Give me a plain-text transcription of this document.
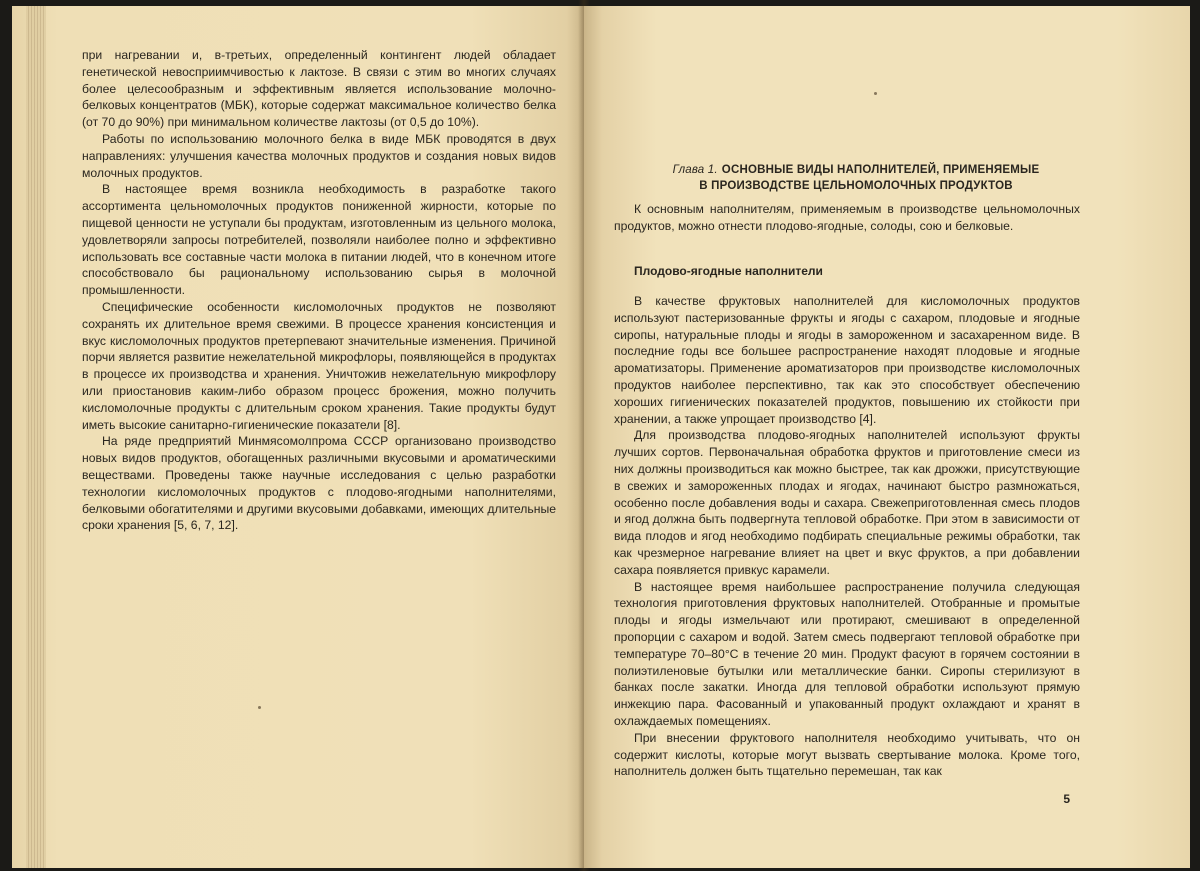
при нагревании и, в-третьих, определенный контингент людей обладает генетической невосприимчивостью к лактозе. В связи с этим во многих случаях более целесообразным и эффективным является использование молочно-белковых концентратов (МБК), которые содержат максимальное количество белка (от 70 до 90%) при минимальном количестве лактозы (от 0,5 до 10%).

Работы по использованию молочного белка в виде МБК проводятся в двух направлениях: улучшения качества молочных продуктов и создания новых видов молочных продуктов.

В настоящее время возникла необходимость в разработке такого ассортимента цельномолочных продуктов пониженной жирности, которые по пищевой ценности не уступали бы продуктам, изготовленным из цельного молока, удовлетворяли запросы потребителей, позволяли наиболее полно и эффективно использовать все составные части молока в питании людей, что в конечном итоге способствовало бы рациональному использованию сырья в молочной промышленности.

Специфические особенности кисломолочных продуктов не позволяют сохранять их длительное время свежими. В процессе хранения консистенция и вкус кисломолочных продуктов претерпевают значительные изменения. Причиной порчи является развитие нежелательной микрофлоры, появляющейся в продуктах в процессе их производства и хранения. Уничтожив нежелательную микрофлору или приостановив каким-либо образом процесс брожения, можно получить кисломолочные продукты с длительным сроком хранения. Такие продукты будут иметь высокие санитарно-гигиенические показатели [8].

На ряде предприятий Минмясомолпрома СССР организовано производство новых видов продуктов, обогащенных различными вкусовыми и ароматическими веществами. Проведены также научные исследования с целью разработки технологии кисломолочных продуктов с плодово-ягодными наполнителями, белковыми обогатителями и другими вкусовыми добавками, имеющих длительные сроки хранения [5, 6, 7, 12].

Глава 1. ОСНОВНЫЕ ВИДЫ НАПОЛНИТЕЛЕЙ, ПРИМЕНЯЕМЫЕ
В ПРОИЗВОДСТВЕ ЦЕЛЬНОМОЛОЧНЫХ ПРОДУКТОВ

К основным наполнителям, применяемым в производстве цельномолочных продуктов, можно отнести плодово-ягодные, солоды, сою и белковые.

Плодово-ягодные наполнители

В качестве фруктовых наполнителей для кисломолочных продуктов используют пастеризованные фрукты и ягоды с сахаром, плодовые и ягодные сиропы, натуральные плоды и ягоды в замороженном и засахаренном виде. В последние годы все большее распространение находят плодовые и ягодные ароматизаторы. Применение ароматизаторов при производстве кисломолочных продуктов наиболее перспективно, так как это способствует обеспечению хороших гигиенических показателей продуктов, повышению их стойкости при хранении, а также упрощает производство [4].

Для производства плодово-ягодных наполнителей используют фрукты лучших сортов. Первоначальная обработка фруктов и приготовление смеси из них должны производиться как можно быстрее, так как дрожжи, присутствующие в свежих и замороженных плодах и ягодах, начинают быстро размножаться, особенно после добавления воды и сахара. Свежеприготовленная смесь плодов и ягод должна быть подвергнута тепловой обработке. При этом в зависимости от вида плодов и ягод необходимо подбирать специальные режимы обработки, так как чрезмерное нагревание влияет на цвет и вкус фруктов, а при добавлении сахара появляется привкус карамели.

В настоящее время наибольшее распространение получила следующая технология приготовления фруктовых наполнителей. Отобранные и промытые плоды и ягоды измельчают или протирают, смешивают в определенной пропорции с сахаром и водой. Затем смесь подвергают тепловой обработке при температуре 70–80°С в течение 20 мин. Продукт фасуют в горячем состоянии в полиэтиленовые бутылки или металлические банки. Сиропы стерилизуют в банках после закатки. Иногда для тепловой обработки используют прямую инжекцию пара. Фасованный и упакованный продукт охлаждают и хранят в охлаждаемых помещениях.

При внесении фруктового наполнителя необходимо учитывать, что он содержит кислоты, которые могут вызвать свертывание молока. Кроме того, наполнитель должен быть тщательно перемешан, так как

5
